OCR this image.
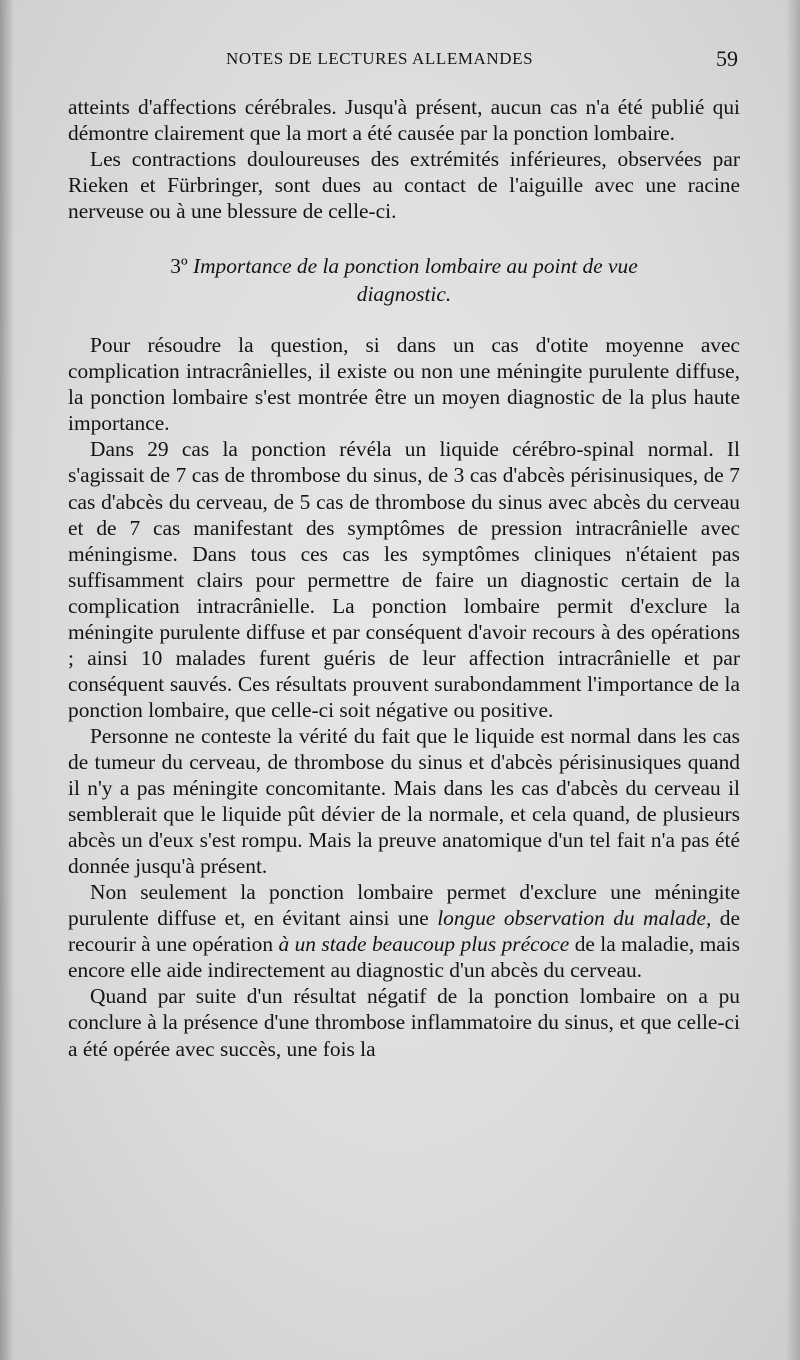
NOTES DE LECTURES ALLEMANDES	59

atteints d'affections cérébrales. Jusqu'à présent, aucun cas n'a été publié qui démontre clairement que la mort a été causée par la ponction lombaire.

Les contractions douloureuses des extrémités inférieures, observées par Rieken et Fürbringer, sont dues au contact de l'aiguille avec une racine nerveuse ou à une blessure de celle-ci.

3º Importance de la ponction lombaire au point de vue
diagnostic.

Pour résoudre la question, si dans un cas d'otite moyenne avec complication intracrânielles, il existe ou non une méningite purulente diffuse, la ponction lombaire s'est montrée être un moyen diagnostic de la plus haute importance.

Dans 29 cas la ponction révéla un liquide cérébro-spinal normal. Il s'agissait de 7 cas de thrombose du sinus, de 3 cas d'abcès périsinusiques, de 7 cas d'abcès du cerveau, de 5 cas de thrombose du sinus avec abcès du cerveau et de 7 cas manifestant des symptômes de pression intracrânielle avec méningisme. Dans tous ces cas les symptômes cliniques n'étaient pas suffisamment clairs pour permettre de faire un diagnostic certain de la complication intracrânielle. La ponction lombaire permit d'exclure la méningite purulente diffuse et par conséquent d'avoir recours à des opérations ; ainsi 10 malades furent guéris de leur affection intracrânielle et par conséquent sauvés. Ces résultats prouvent surabondamment l'importance de la ponction lombaire, que celle-ci soit négative ou positive.

Personne ne conteste la vérité du fait que le liquide est normal dans les cas de tumeur du cerveau, de thrombose du sinus et d'abcès périsinusiques quand il n'y a pas méningite concomitante. Mais dans les cas d'abcès du cerveau il semblerait que le liquide pût dévier de la normale, et cela quand, de plusieurs abcès un d'eux s'est rompu. Mais la preuve anatomique d'un tel fait n'a pas été donnée jusqu'à présent.

Non seulement la ponction lombaire permet d'exclure une méningite purulente diffuse et, en évitant ainsi une longue observation du malade, de recourir à une opération à un stade beaucoup plus précoce de la maladie, mais encore elle aide indirectement au diagnostic d'un abcès du cerveau.

Quand par suite d'un résultat négatif de la ponction lombaire on a pu conclure à la présence d'une thrombose inflammatoire du sinus, et que celle-ci a été opérée avec succès, une fois la
